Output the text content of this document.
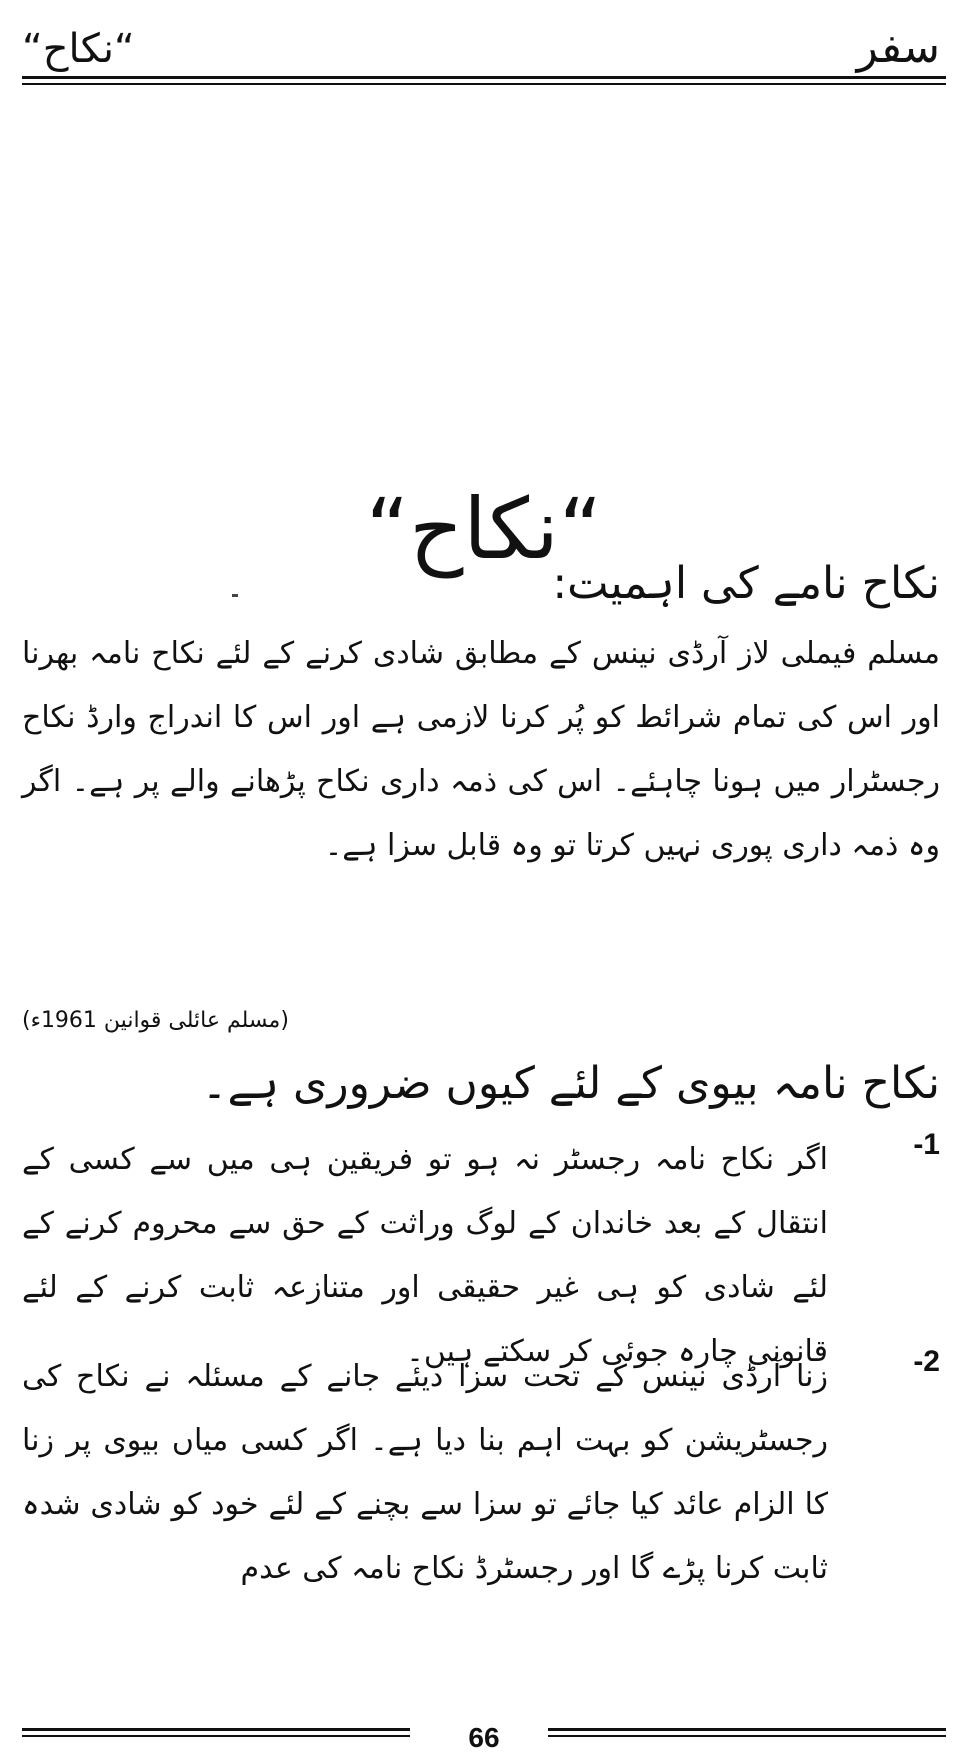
“نکاح“	سفر
“نکاح“
نکاح نامے کی اہمیت:
مسلم فیملی لاز آرڈی نینس کے مطابق شادی کرنے کے لئے نکاح نامہ بھرنا اور اس کی تمام شرائط کو پُر کرنا لازمی ہے اور اس کا اندراج وارڈ نکاح رجسٹرار میں ہونا چاہئے۔ اس کی ذمہ داری نکاح پڑھانے والے پر ہے۔ اگر وہ ذمہ داری پوری نہیں کرتا تو وہ قابل سزا ہے۔
(مسلم عائلی قوانین 1961ء)
نکاح نامہ بیوی کے لئے کیوں ضروری ہے۔
-1
اگر نکاح نامہ رجسٹر نہ ہو تو فریقین ہی میں سے کسی کے انتقال کے بعد خاندان کے لوگ وراثت کے حق سے محروم کرنے کے لئے شادی کو ہی غیر حقیقی اور متنازعہ ثابت کرنے کے لئے قانونی چارہ جوئی کر سکتے ہیں۔	-2
زنا آرڈی نینس کے تحت سزا دیئے جانے کے مسئلہ نے نکاح کی رجسٹریشن کو بہت اہم بنا دیا ہے۔ اگر کسی میاں بیوی پر زنا کا الزام عائد کیا جائے تو سزا سے بچنے کے لئے خود کو شادی شدہ ثابت کرنا پڑے گا اور رجسٹرڈ نکاح نامہ کی عدم
66
